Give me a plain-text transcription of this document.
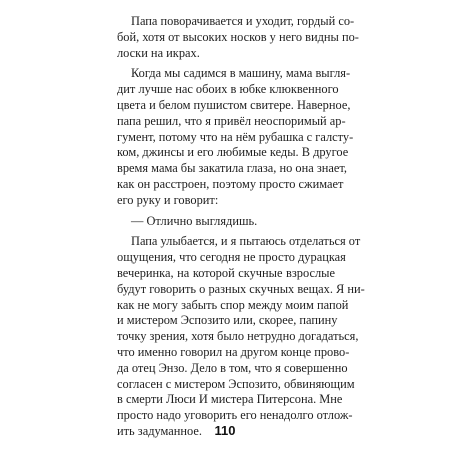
Папа поворачивается и уходит, гордый со-
бой, хотя от высоких носков у него видны по-
лоски на икрах.
Когда мы садимся в машину, мама выгля-
дит лучше нас обоих в юбке клюквенного
цвета и белом пушистом свитере. Наверное,
папа решил, что я привёл неоспоримый ар-
гумент, потому что на нём рубашка с галсту-
ком, джинсы и его любимые кеды. В другое
время мама бы закатила глаза, но она знает,
как он расстроен, поэтому просто сжимает
его руку и говорит:
— Отлично выглядишь.
Папа улыбается, и я пытаюсь отделаться от
ощущения, что сегодня не просто дурацкая
вечеринка, на которой скучные взрослые
будут говорить о разных скучных вещах. Я ни-
как не могу забыть спор между моим папой
и мистером Эспозито или, скорее, папину
точку зрения, хотя было нетрудно догадаться,
что именно говорил на другом конце прово-
да отец Энзо. Дело в том, что я совершенно
согласен с мистером Эспозито, обвиняющим
в смерти Люси И мистера Питерсона. Мне
просто надо уговорить его ненадолго отлож-
ить задуманное. 110
